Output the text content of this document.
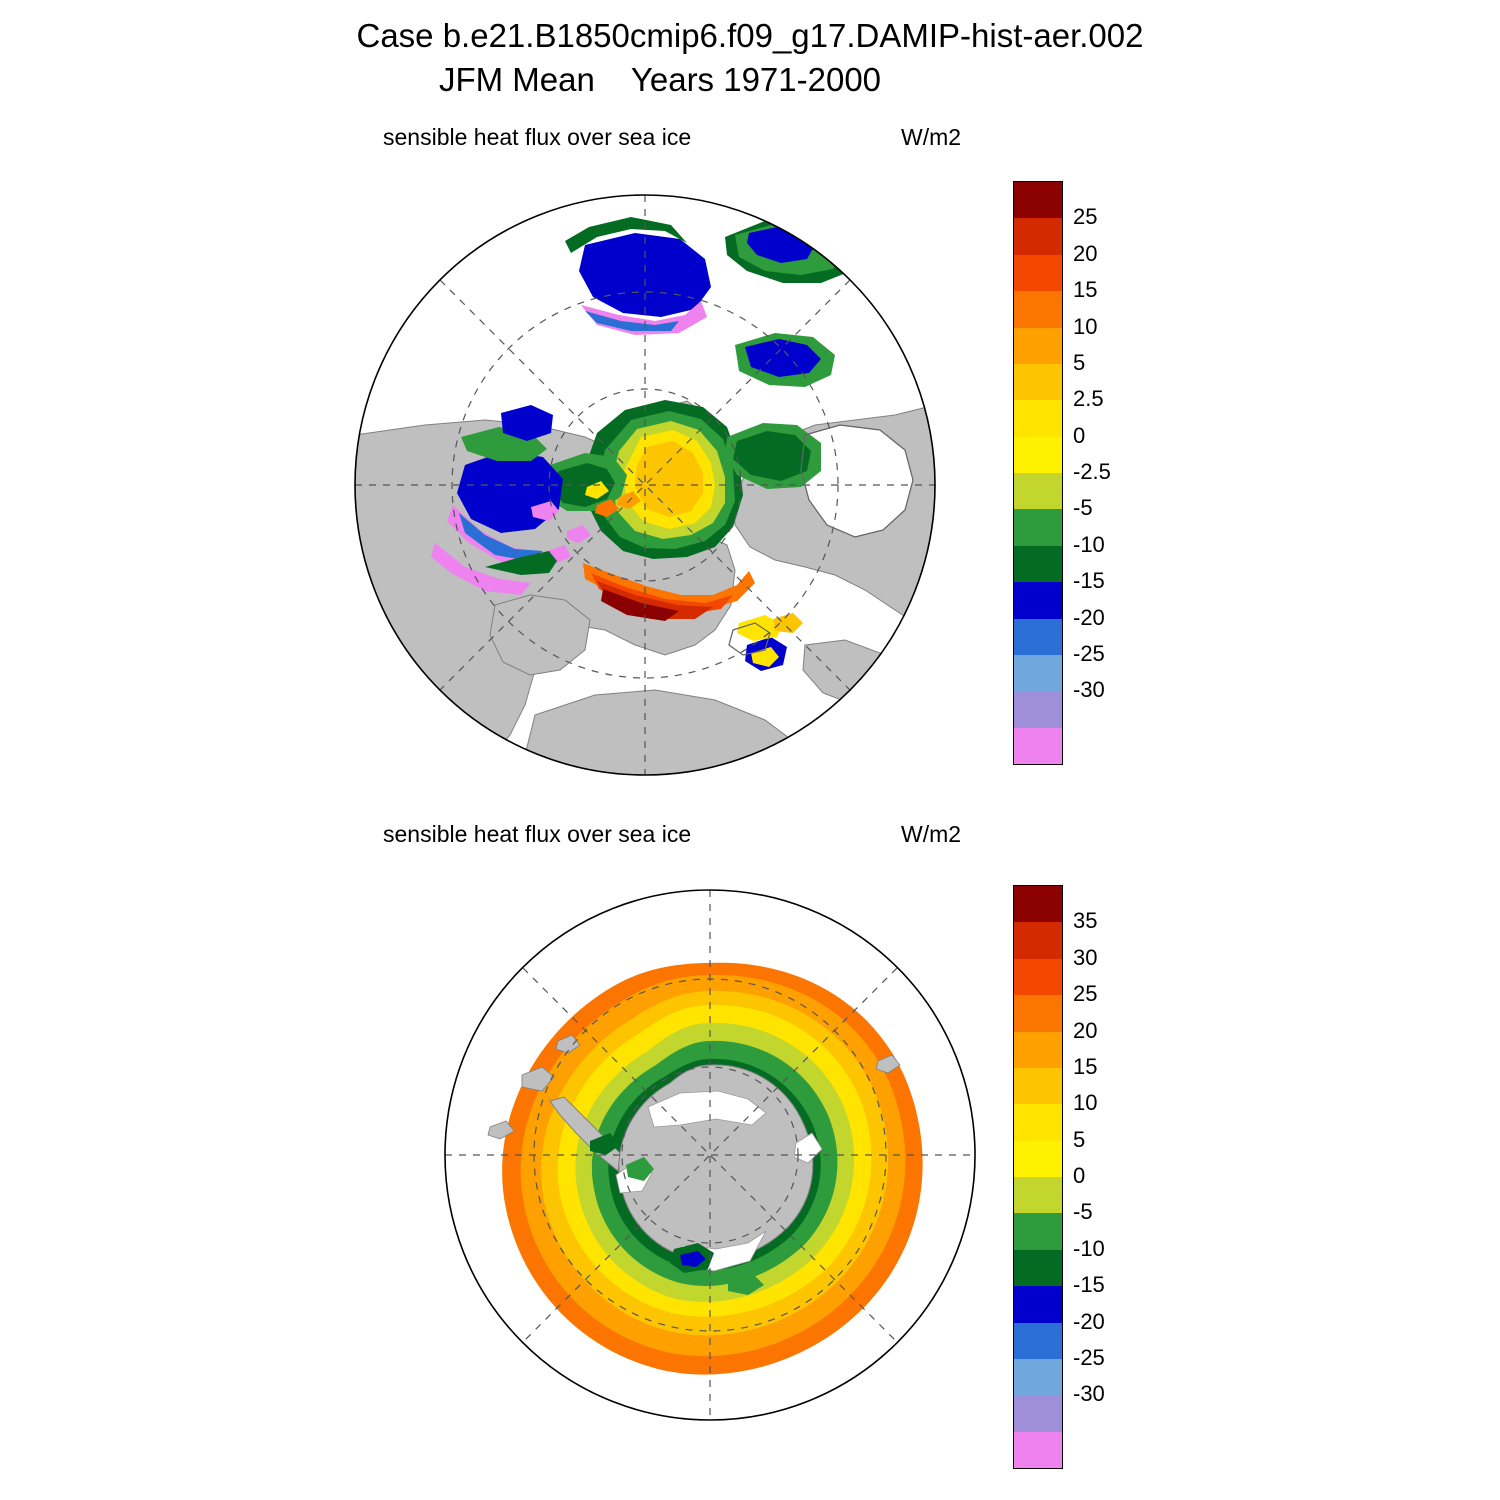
Case b.e21.B1850cmip6.f09_g17.DAMIP-hist-aer.002
JFM Mean    Years 1971-2000
sensible heat flux over sea ice	W/m2
25
20
15
10
5
2.5
0
-2.5
-5
-10
-15
-20
-25
-30
sensible heat flux over sea ice	W/m2
35
30
25
20
15
10
5
0
-5
-10
-15
-20
-25
-30
